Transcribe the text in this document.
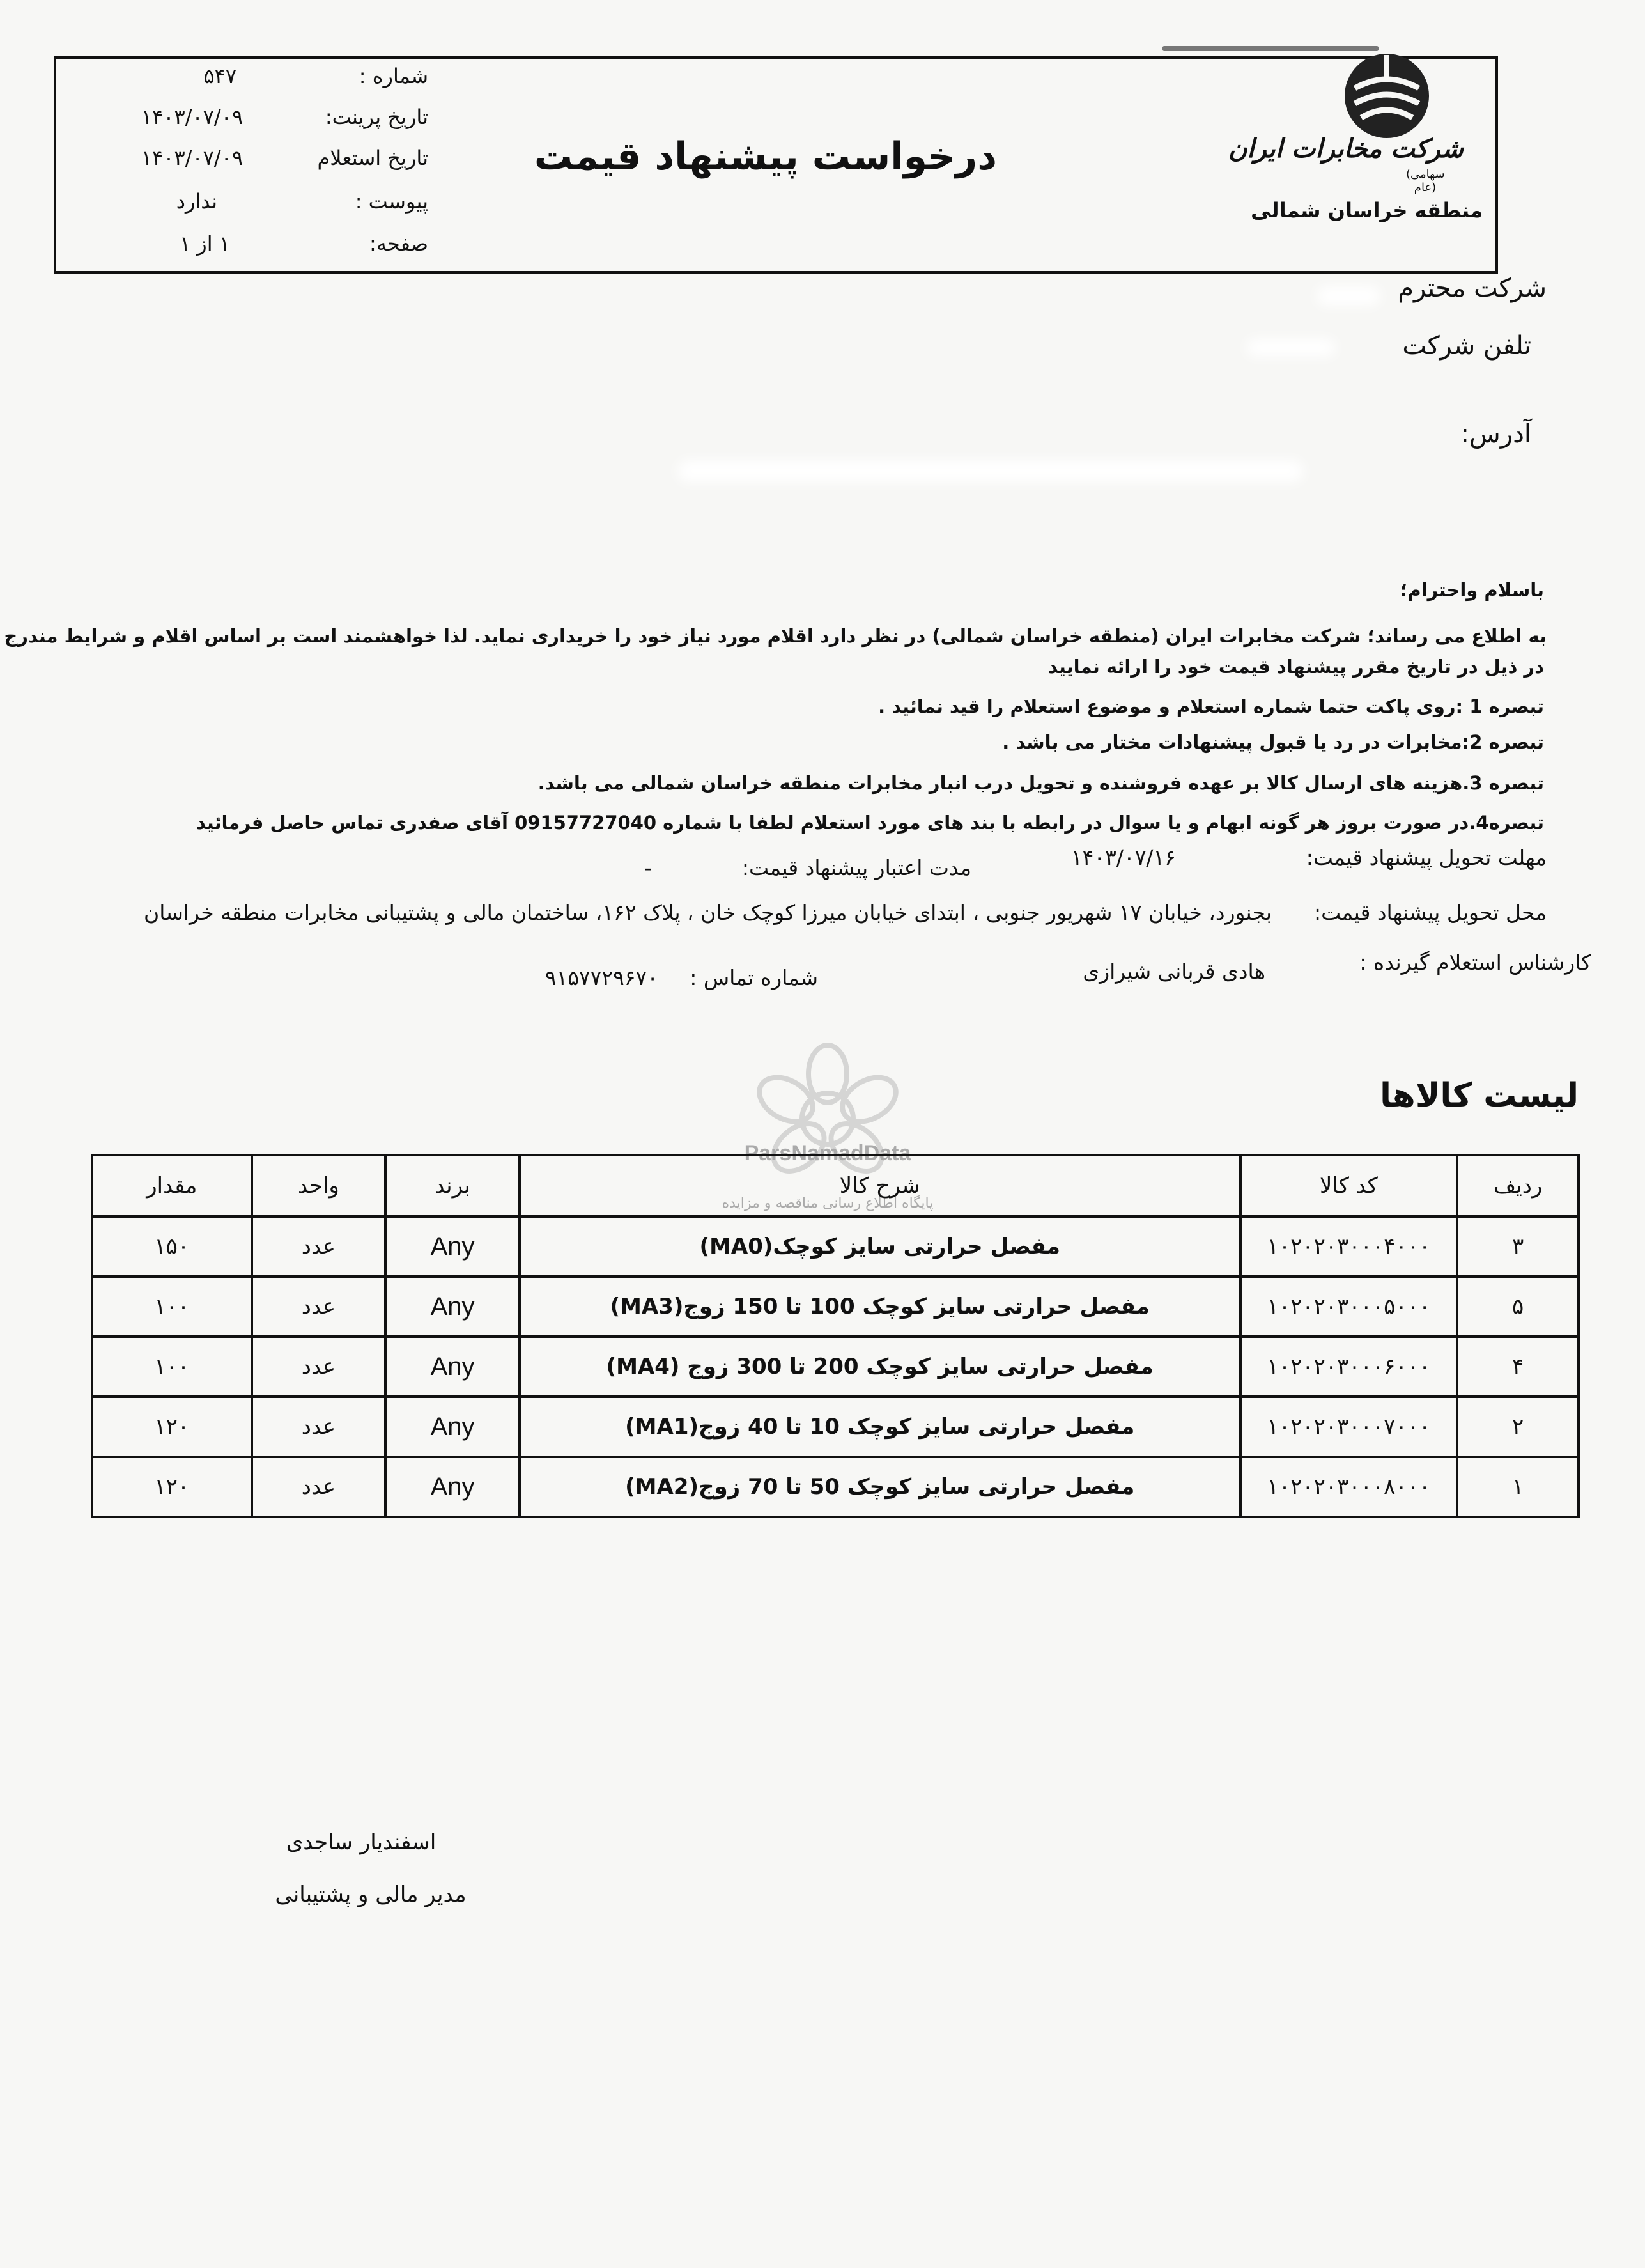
شماره :
۵۴۷
تاریخ پرینت:
۱۴۰۳/۰۷/۰۹
تاریخ استعلام
۱۴۰۳/۰۷/۰۹
پیوست :
ندارد
صفحه:
۱ از ۱
درخواست پیشنهاد قیمت	شرکت مخابرات ایران
(سهامی عام)
منطقه خراسان شمالی
شرکت محترم
تلفن شرکت
آدرس:
باسلام واحترام؛
به اطلاع می رساند؛ شرکت مخابرات ایران (منطقه خراسان شمالی) در نظر دارد اقلام مورد نیاز خود را خریداری نماید. لذا خواهشمند است بر اساس اقلام و شرایط مندرج
در ذیل در تاریخ مقرر پیشنهاد قیمت خود را ارائه نمایید
تبصره 1 :روی پاکت حتما شماره استعلام و موضوع استعلام را قید نمائید .
تبصره 2:مخابرات در رد یا قبول پیشنهادات مختار می باشد .
تبصره 3.هزینه های ارسال کالا بر عهده فروشنده و تحویل درب انبار مخابرات منطقه خراسان شمالی می باشد.
تبصره4.در صورت بروز هر گونه ابهام و یا سوال در رابطه با بند های مورد استعلام لطفا با شماره 09157727040 آقای صفدری تماس حاصل فرمائید
مهلت تحویل پیشنهاد قیمت:
۱۴۰۳/۰۷/۱۶
مدت اعتبار پیشنهاد قیمت:
-
محل تحویل پیشنهاد قیمت:
بجنورد، خیابان ۱۷ شهریور جنوبی ، ابتدای خیابان میرزا کوچک خان ، پلاک ۱۶۲، ساختمان مالی و پشتیبانی مخابرات منطقه خراسان
کارشناس استعلام گیرنده :
هادی قربانی شیرازی
شماره تماس :
۹۱۵۷۷۲۹۶۷۰
ParsNamadData
پایگاه اطلاع رسانی مناقصه و مزایده
لیست کالاها
ردیف	کد کالا	شرح کالا	برند	واحد	مقدار
۳	۱۰۲۰۲۰۳۰۰۰۴۰۰۰	مفصل حرارتی سایز کوچک(MA0)	Any	عدد	۱۵۰
۵	۱۰۲۰۲۰۳۰۰۰۵۰۰۰	مفصل حرارتی سایز کوچک 100 تا 150 زوج(MA3)	Any	عدد	۱۰۰
۴	۱۰۲۰۲۰۳۰۰۰۶۰۰۰	مفصل حرارتی سایز کوچک 200 تا 300 زوج (MA4)	Any	عدد	۱۰۰
۲	۱۰۲۰۲۰۳۰۰۰۷۰۰۰	مفصل حرارتی سایز کوچک 10 تا 40 زوج(MA1)	Any	عدد	۱۲۰
۱	۱۰۲۰۲۰۳۰۰۰۸۰۰۰	مفصل حرارتی سایز کوچک 50 تا 70 زوج(MA2)	Any	عدد	۱۲۰
اسفندیار ساجدی
مدیر مالی و پشتیبانی
